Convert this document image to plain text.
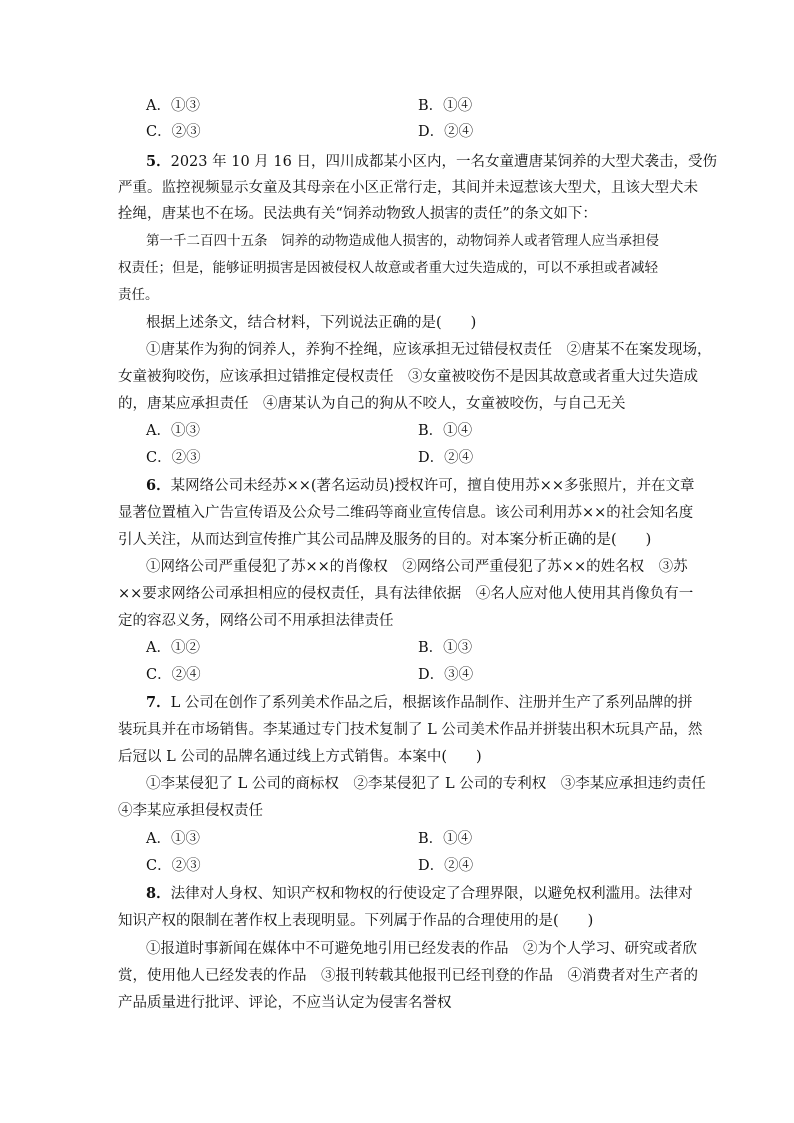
A．①③	B．①④
C．②③	D．②④
5．2023 年 10 月 16 日，四川成都某小区内，一名女童遭唐某饲养的大型犬袭击，受伤
严重。监控视频显示女童及其母亲在小区正常行走，其间并未逗惹该大型犬，且该大型犬未
拴绳，唐某也不在场。民法典有关“饲养动物致人损害的责任”的条文如下：
第一千二百四十五条　饲养的动物造成他人损害的，动物饲养人或者管理人应当承担侵
权责任；但是，能够证明损害是因被侵权人故意或者重大过失造成的，可以不承担或者减轻
责任。
根据上述条文，结合材料，下列说法正确的是(　　)
①唐某作为狗的饲养人，养狗不拴绳，应该承担无过错侵权责任　②唐某不在案发现场，
女童被狗咬伤，应该承担过错推定侵权责任　③女童被咬伤不是因其故意或者重大过失造成
的，唐某应承担责任　④唐某认为自己的狗从不咬人，女童被咬伤，与自己无关
A．①③	B．①④
C．②③	D．②④
6．某网络公司未经苏××(著名运动员)授权许可，擅自使用苏××多张照片，并在文章
显著位置植入广告宣传语及公众号二维码等商业宣传信息。该公司利用苏××的社会知名度
引人关注，从而达到宣传推广其公司品牌及服务的目的。对本案分析正确的是(　　)
①网络公司严重侵犯了苏××的肖像权　②网络公司严重侵犯了苏××的姓名权　③苏
××要求网络公司承担相应的侵权责任，具有法律依据　④名人应对他人使用其肖像负有一
定的容忍义务，网络公司不用承担法律责任
A．①②	B．①③
C．②④	D．③④
7．L 公司在创作了系列美术作品之后，根据该作品制作、注册并生产了系列品牌的拼
装玩具并在市场销售。李某通过专门技术复制了 L 公司美术作品并拼装出积木玩具产品，然
后冠以 L 公司的品牌名通过线上方式销售。本案中(　　)
①李某侵犯了 L 公司的商标权　②李某侵犯了 L 公司的专利权　③李某应承担违约责任
④李某应承担侵权责任
A．①③	B．①④
C．②③	D．②④
8．法律对人身权、知识产权和物权的行使设定了合理界限，以避免权利滥用。法律对
知识产权的限制在著作权上表现明显。下列属于作品的合理使用的是(　　)
①报道时事新闻在媒体中不可避免地引用已经发表的作品　②为个人学习、研究或者欣
赏，使用他人已经发表的作品　③报刊转载其他报刊已经刊登的作品　④消费者对生产者的
产品质量进行批评、评论，不应当认定为侵害名誉权
